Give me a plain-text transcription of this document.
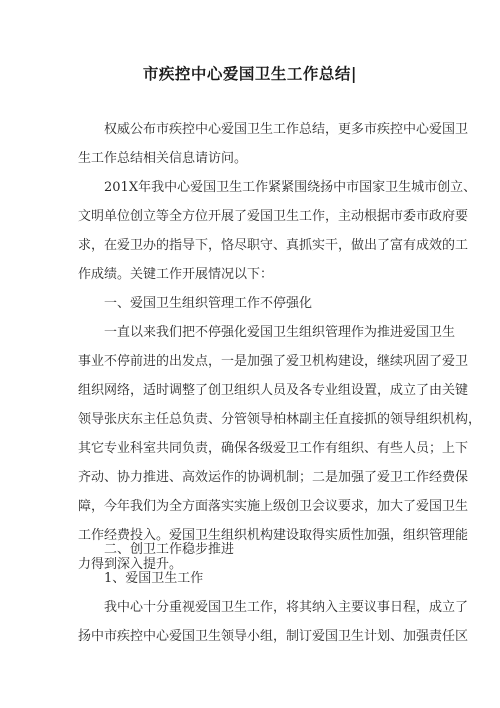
市疾控中心爱国卫生工作总结|
权威公布市疾控中心爱国卫生工作总结，更多市疾控中心爱国卫
生工作总结相关信息请访问。
201X年我中心爱国卫生工作紧紧围绕扬中市国家卫生城市创立、
文明单位创立等全方位开展了爱国卫生工作，主动根据市委市政府要
求，在爱卫办的指导下，恪尽职守、真抓实干，做出了富有成效的工
作成绩。关键工作开展情况以下：
一、爱国卫生组织管理工作不停强化
一直以来我们把不停强化爱国卫生组织管理作为推进爱国卫生
事业不停前进的出发点，一是加强了爱卫机构建设，继续巩固了爱卫
组织网络，适时调整了创卫组织人员及各专业组设置，成立了由关键
领导张庆东主任总负责、分管领导柏林副主任直接抓的领导组织机构，
其它专业科室共同负责，确保各级爱卫工作有组织、有些人员；上下
齐动、协力推进、高效运作的协调机制；二是加强了爱卫工作经费保
障，今年我们为全方面落实实施上级创卫会议要求，加大了爱国卫生
工作经费投入。爱国卫生组织机构建设取得实质性加强，组织管理能
力得到深入提升。
二、创卫工作稳步推进
1、爱国卫生工作
我中心十分重视爱国卫生工作，将其纳入主要议事日程，成立了
扬中市疾控中心爱国卫生领导小组，制订爱国卫生计划、加强责任区
